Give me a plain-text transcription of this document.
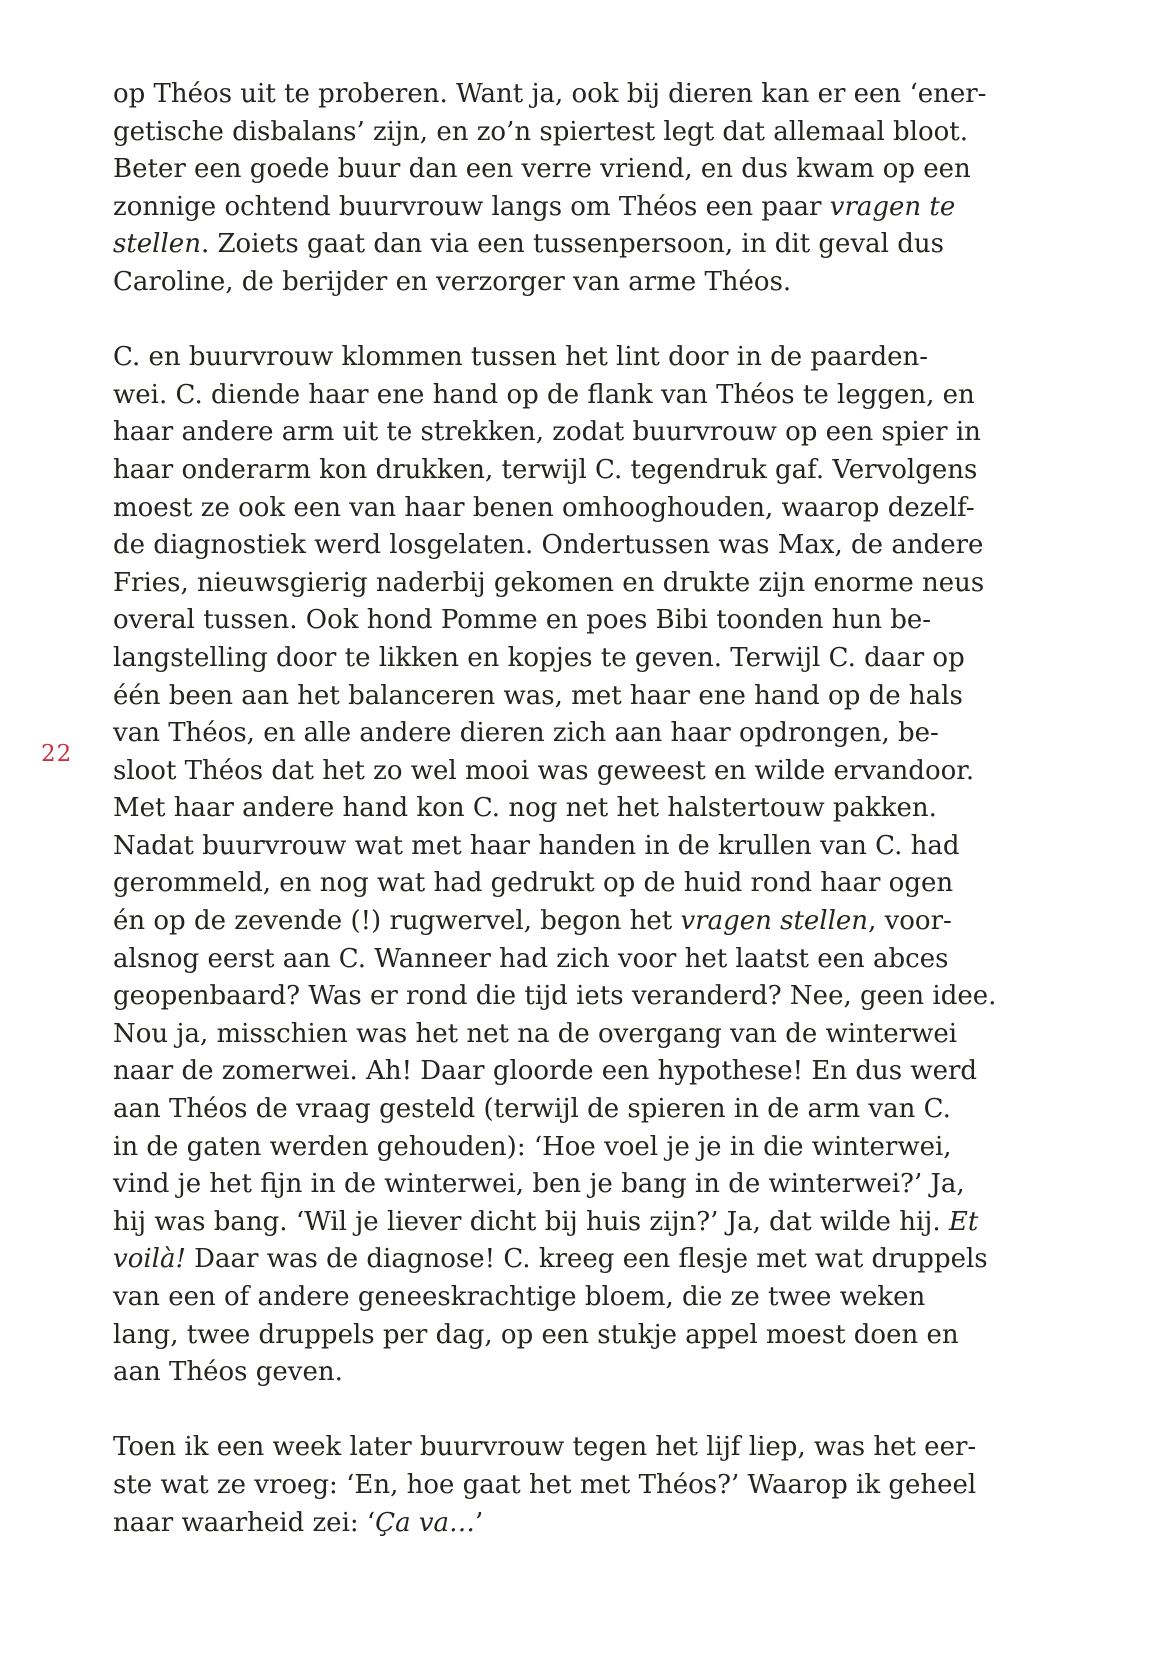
22

op Théos uit te proberen. Want ja, ook bij dieren kan er een ‘ener-
getische disbalans’ zijn, en zo’n spiertest legt dat allemaal bloot.
Beter een goede buur dan een verre vriend, en dus kwam op een
zonnige ochtend buurvrouw langs om Théos een paar vragen te
stellen. Zoiets gaat dan via een tussenpersoon, in dit geval dus
Caroline, de berijder en verzorger van arme Théos.

C. en buurvrouw klommen tussen het lint door in de paarden-
wei. C. diende haar ene hand op de flank van Théos te leggen, en
haar andere arm uit te strekken, zodat buurvrouw op een spier in
haar onderarm kon drukken, terwijl C. tegendruk gaf. Vervolgens
moest ze ook een van haar benen omhooghouden, waarop dezelf-
de diagnostiek werd losgelaten. Ondertussen was Max, de andere
Fries, nieuwsgierig naderbij gekomen en drukte zijn enorme neus
overal tussen. Ook hond Pomme en poes Bibi toonden hun be-
langstelling door te likken en kopjes te geven. Terwijl C. daar op
één been aan het balanceren was, met haar ene hand op de hals
van Théos, en alle andere dieren zich aan haar opdrongen, be-
sloot Théos dat het zo wel mooi was geweest en wilde ervandoor.
Met haar andere hand kon C. nog net het halstertouw pakken.
Nadat buurvrouw wat met haar handen in de krullen van C. had
gerommeld, en nog wat had gedrukt op de huid rond haar ogen
én op de zevende (!) rugwervel, begon het vragen stellen, voor-
alsnog eerst aan C. Wanneer had zich voor het laatst een abces
geopenbaard? Was er rond die tijd iets veranderd? Nee, geen idee.
Nou ja, misschien was het net na de overgang van de winterwei
naar de zomerwei. Ah! Daar gloorde een hypothese! En dus werd
aan Théos de vraag gesteld (terwijl de spieren in de arm van C.
in de gaten werden gehouden): ‘Hoe voel je je in die winterwei,
vind je het fijn in de winterwei, ben je bang in de winterwei?’ Ja,
hij was bang. ‘Wil je liever dicht bij huis zijn?’ Ja, dat wilde hij. Et
voilà! Daar was de diagnose! C. kreeg een flesje met wat druppels
van een of andere geneeskrachtige bloem, die ze twee weken
lang, twee druppels per dag, op een stukje appel moest doen en
aan Théos geven.

Toen ik een week later buurvrouw tegen het lijf liep, was het eer-
ste wat ze vroeg: ‘En, hoe gaat het met Théos?’ Waarop ik geheel
naar waarheid zei: ‘Ça va…’
